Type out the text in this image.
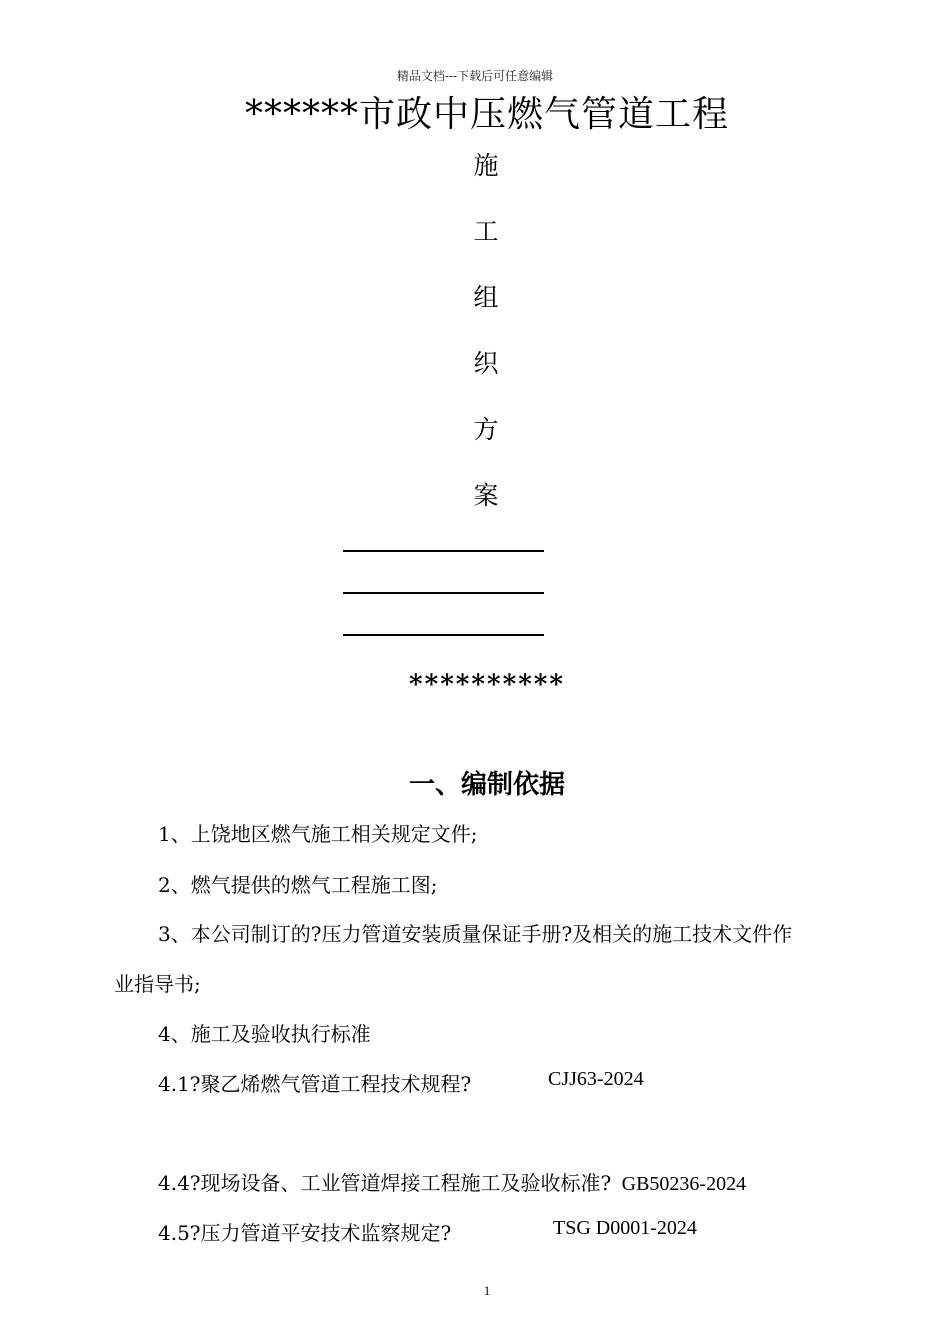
精品文档---下载后可任意编辑
******市政中压燃气管道工程
施
工
组
织
方
案
**********
一、编制依据
1、上饶地区燃气施工相关规定文件;
2、燃气提供的燃气工程施工图;
3、本公司制订的?压力管道安装质量保证手册?及相关的施工技术文件作
业指导书;
4、施工及验收执行标准
4.1?聚乙烯燃气管道工程技术规程?	CJJ63-2024
4.4?现场设备、工业管道焊接工程施工及验收标准? GB50236-2024
4.5?压力管道平安技术监察规定?	TSG D0001-2024
1
